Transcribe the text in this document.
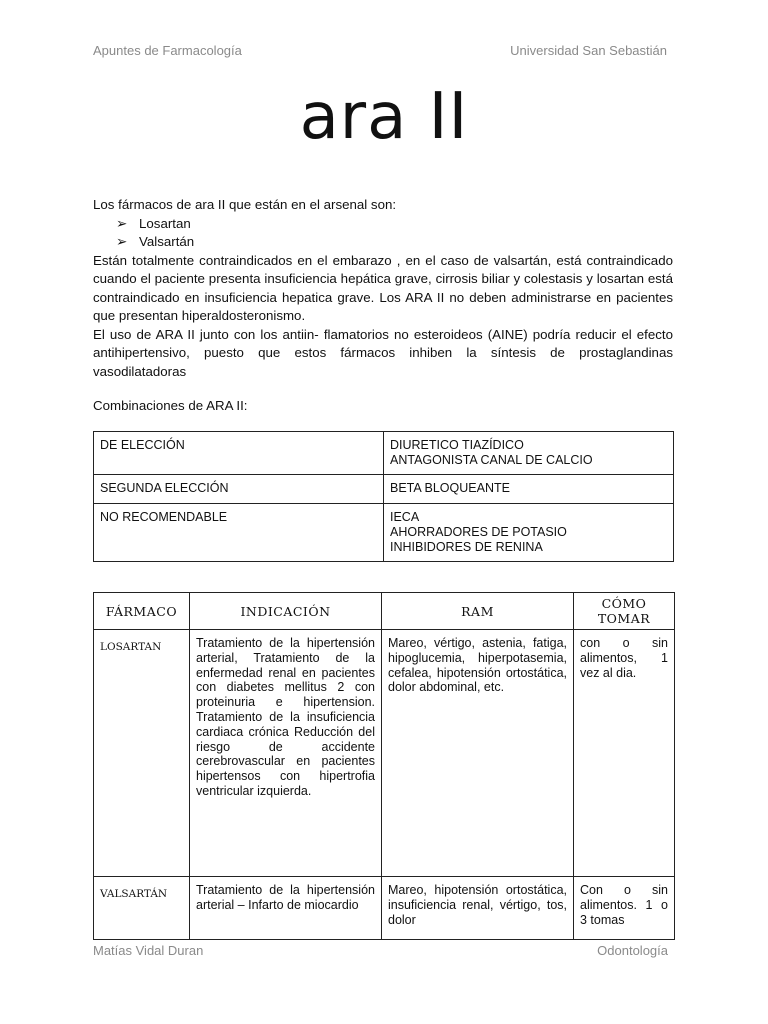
Apuntes de Farmacología	Universidad San Sebastián
ara II

Los fármacos de ara II que están en el arsenal son:

➢ Losartan
➢ Valsartán

Están totalmente contraindicados en el embarazo , en el caso de valsartán, está contraindicado cuando el paciente presenta insuficiencia hepática grave, cirrosis biliar y colestasis y losartan está contraindicado en insuficiencia hepatica grave. Los ARA II no deben administrarse en pacientes que presentan hiperaldosteronismo.

El uso de ARA II junto con los antiin- flamatorios no esteroideos (AINE) podría reducir el efecto antihipertensivo, puesto que estos fármacos inhiben la síntesis de prostaglandinas vasodilatadoras

Combinaciones de ARA II:
DE ELECCIÓN	DIURETICO TIAZÍDICO
ANTAGONISTA CANAL DE CALCIO

SEGUNDA ELECCIÓN	BETA BLOQUEANTE

NO RECOMENDABLE	IECA
AHORRADORES DE POTASIO
INHIBIDORES DE RENINA
FÁRMACO	INDICACIÓN	RAM	CÓMO TOMAR
LOSARTAN	Tratamiento de la hipertensión arterial, Tratamiento de la enfermedad renal en pacientes con diabetes mellitus 2 con proteinuria e hipertension. Tratamiento de la insuficiencia cardiaca crónica Reducción del riesgo de accidente cerebrovascular en pacientes hipertensos con hipertrofia ventricular izquierda.	Mareo, vértigo, astenia, fatiga, hipoglucemia, hiperpotasemia, cefalea, hipotensión ortostática, dolor abdominal, etc.	con o sin alimentos, 1 vez al dia.
VALSARTÁN	Tratamiento de la hipertensión arterial – Infarto de miocardio	Mareo, hipotensión ortostática, insuficiencia renal, vértigo, tos, dolor	Con o sin alimentos. 1 o 3 tomas
Matías Vidal Duran	Odontología
